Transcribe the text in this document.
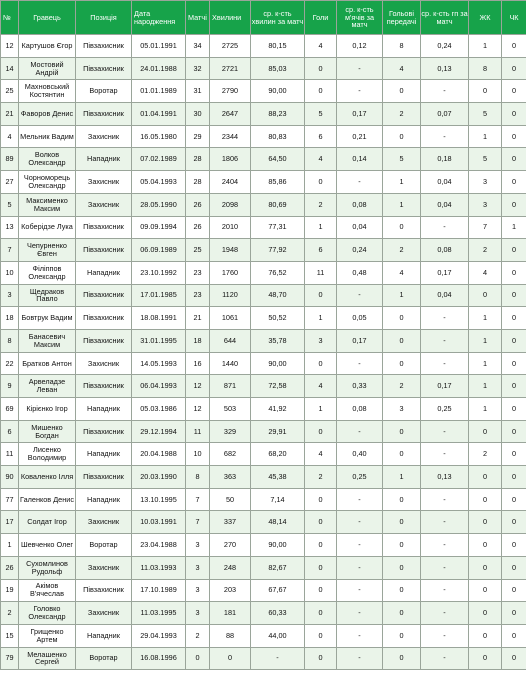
№	Гравець	Позиція	Дата народження	Матчі	Хвилини	ср. к-сть хвилин за матч	Голи	ср. к-сть м'ячів за матч	Гольові передачі	ср. к-сть гп за матч	ЖК	ЧК
12	Картушов Єгор	Півзахисник	05.01.1991	34	2725	80,15	4	0,12	8	0,24	1	0
14	Мостовий Андрій	Півзахисник	24.01.1988	32	2721	85,03	0	-	4	0,13	8	0
25	Махновський Костянтин	Воротар	01.01.1989	31	2790	90,00	0	-	0	-	0	0
21	Фаворов Денис	Півзахисник	01.04.1991	30	2647	88,23	5	0,17	2	0,07	5	0
4	Мельник Вадим	Захисник	16.05.1980	29	2344	80,83	6	0,21	0	-	1	0
89	Волков Олександр	Нападник	07.02.1989	28	1806	64,50	4	0,14	5	0,18	5	0
27	Чорноморець Олександр	Захисник	05.04.1993	28	2404	85,86	0	-	1	0,04	3	0
5	Максименко Максим	Захисник	28.05.1990	26	2098	80,69	2	0,08	1	0,04	3	0
13	Коберідзе Лука	Півзахисник	09.09.1994	26	2010	77,31	1	0,04	0	-	7	1
7	Чепурненко Євген	Півзахисник	06.09.1989	25	1948	77,92	6	0,24	2	0,08	2	0
10	Філіппов Олександр	Нападник	23.10.1992	23	1760	76,52	11	0,48	4	0,17	4	0
3	Щедраков Павло	Півзахисник	17.01.1985	23	1120	48,70	0	-	1	0,04	0	0
18	Бовтрук Вадим	Півзахисник	18.08.1991	21	1061	50,52	1	0,05	0	-	1	0
8	Банасевич Максим	Півзахисник	31.01.1995	18	644	35,78	3	0,17	0	-	1	0
22	Братков Антон	Захисник	14.05.1993	16	1440	90,00	0	-	0	-	1	0
9	Арвеладзе Леван	Півзахисник	06.04.1993	12	871	72,58	4	0,33	2	0,17	1	0
69	Кірієнко Ігор	Нападник	05.03.1986	12	503	41,92	1	0,08	3	0,25	1	0
6	Мишенко Богдан	Півзахисник	29.12.1994	11	329	29,91	0	-	0	-	0	0
11	Лисенко Володимир	Нападник	20.04.1988	10	682	68,20	4	0,40	0	-	2	0
90	Коваленко Ілля	Півзахисник	20.03.1990	8	363	45,38	2	0,25	1	0,13	0	0
77	Галенков Денис	Нападник	13.10.1995	7	50	7,14	0	-	0	-	0	0
17	Солдат Ігор	Захисник	10.03.1991	7	337	48,14	0	-	0	-	0	0
1	Шевченко Олег	Воротар	23.04.1988	3	270	90,00	0	-	0	-	0	0
26	Сухомлинов Рудольф	Захисник	11.03.1993	3	248	82,67	0	-	0	-	0	0
19	Акімов В'ячеслав	Півзахисник	17.10.1989	3	203	67,67	0	-	0	-	0	0
2	Головко Олександр	Захисник	11.03.1995	3	181	60,33	0	-	0	-	0	0
15	Грищенко Артем	Нападник	29.04.1993	2	88	44,00	0	-	0	-	0	0
79	Мелашенко Сергей	Воротар	16.08.1996	0	0	-	0	-	0	-	0	0
